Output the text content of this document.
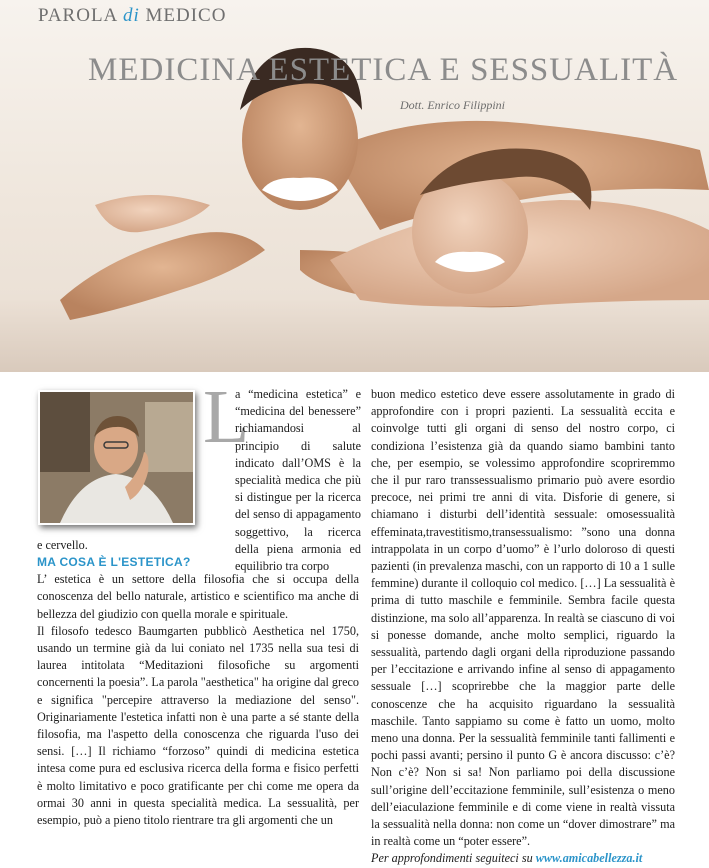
PAROLA di MEDICO
MEDICINA ESTETICA E SESSUALITÀ
Dott. Enrico Filippini
L

a “medicina estetica” e “medicina del benessere” richiamandosi al principio di salute indicato dall’OMS è la specialità medica che più si distingue per la ricerca del senso di appagamento soggettivo, la ricerca della piena armonia ed equilibrio tra corpo

e cervello.

MA COSA È L'ESTETICA?

L’ estetica è un settore della filosofia che si occupa della conoscenza del bello naturale, artistico e scientifico ma anche di bellezza del giudizio con quella morale e spirituale.

Il filosofo tedesco Baumgarten pubblicò Aesthetica nel 1750, usando un termine già da lui coniato nel 1735 nella sua tesi di laurea intitolata “Meditazioni filosofiche su argomenti concernenti la poesia”. La parola "aesthetica" ha origine dal greco e significa "percepire attraverso la mediazione del senso". Originariamente l'estetica infatti non è una parte a sé stante della filosofia, ma l'aspetto della conoscenza che riguarda l'uso dei sensi. […] Il richiamo “forzoso” quindi di medicina estetica intesa come pura ed esclusiva ricerca della forma e fisico perfetti è molto limitativo e poco gratificante per chi come me opera da ormai 30 anni in questa specialità medica. La sessualità, per esempio, può a pieno titolo rientrare tra gli argomenti che un

buon medico estetico deve essere assolutamente in grado di approfondire con i propri pazienti. La sessualità eccita e coinvolge tutti gli organi di senso del nostro corpo, ci condiziona l’esistenza già da quando siamo bambini tanto che, per esempio, se volessimo approfondire scopriremmo che il pur raro transsessualismo primario può avere esordio precoce, nei primi tre anni di vita. Disforie di genere, si chiamano i disturbi dell’identità sessuale: omosessualità effeminata,travestitismo,transessualismo: ”sono una donna intrappolata in un corpo d’uomo” è l’urlo doloroso di questi pazienti (in prevalenza maschi, con un rapporto di 10 a 1 sulle femmine) durante il colloquio col medico. […] La sessualità è prima di tutto maschile e femminile. Sembra facile questa distinzione, ma solo all’apparenza. In realtà se ciascuno di voi si ponesse domande, anche molto semplici, riguardo la sessualità, partendo dagli organi della riproduzione passando per l’eccitazione e arrivando infine al senso di appagamento sessuale […] scoprirebbe che la maggior parte delle conoscenze che ha acquisito riguardano la sessualità maschile. Tanto sappiamo su come è fatto un uomo, molto meno una donna. Per la sessualità femminile tanti fallimenti e pochi passi avanti; persino il punto G è ancora discusso: c’è? Non c’è? Non si sa! Non parliamo poi della discussione sull’origine dell’eccitazione femminile, sull’esistenza o meno dell’eiaculazione femminile e di come viene in realtà vissuta la sessualità nella donna: non come un “dover dimostrare” ma in realtà come un “poter essere”.

Per approfondimenti seguiteci su www.amicabellezza.it
